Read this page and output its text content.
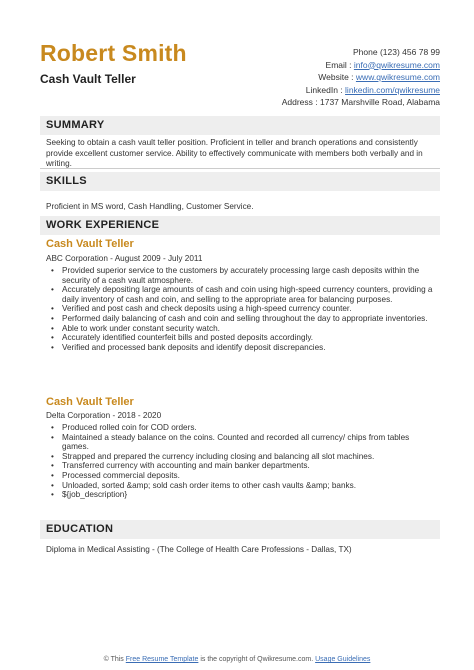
Robert Smith
Cash Vault Teller
Phone (123) 456 78 99
Email : info@qwikresume.com
Website : www.qwikresume.com
LinkedIn : linkedin.com/qwikresume
Address : 1737 Marshville Road, Alabama
SUMMARY
Seeking to obtain a cash vault teller position. Proficient in teller and branch operations and consistently provide excellent customer service. Ability to effectively communicate with members both verbally and in writing.
SKILLS
Proficient in MS word, Cash Handling, Customer Service.
WORK EXPERIENCE
Cash Vault Teller
ABC Corporation - August 2009 - July 2011
• Provided superior service to the customers by accurately processing large cash deposits within the security of a cash vault atmosphere.
• Accurately depositing large amounts of cash and coin using high-speed currency counters, providing a daily inventory of cash and coin, and selling to the appropriate area for balancing purposes.
• Verified and post cash and check deposits using a high-speed currency counter.
• Performed daily balancing of cash and coin and selling throughout the day to appropriate inventories.
• Able to work under constant security watch.
• Accurately identified counterfeit bills and posted deposits accordingly.
• Verified and processed bank deposits and identify deposit discrepancies.
Cash Vault Teller
Delta Corporation - 2018 - 2020
• Produced rolled coin for COD orders.
• Maintained a steady balance on the coins. Counted and recorded all currency/ chips from tables games.
• Strapped and prepared the currency including closing and balancing all slot machines.
• Transferred currency with accounting and main banker departments.
• Processed commercial deposits.
• Unloaded, sorted &amp; sold cash order items to other cash vaults &amp; banks.
• ${job_description}
EDUCATION
Diploma in Medical Assisting - (The College of Health Care Professions - Dallas, TX)
© This Free Resume Template is the copyright of Qwikresume.com. Usage Guidelines
